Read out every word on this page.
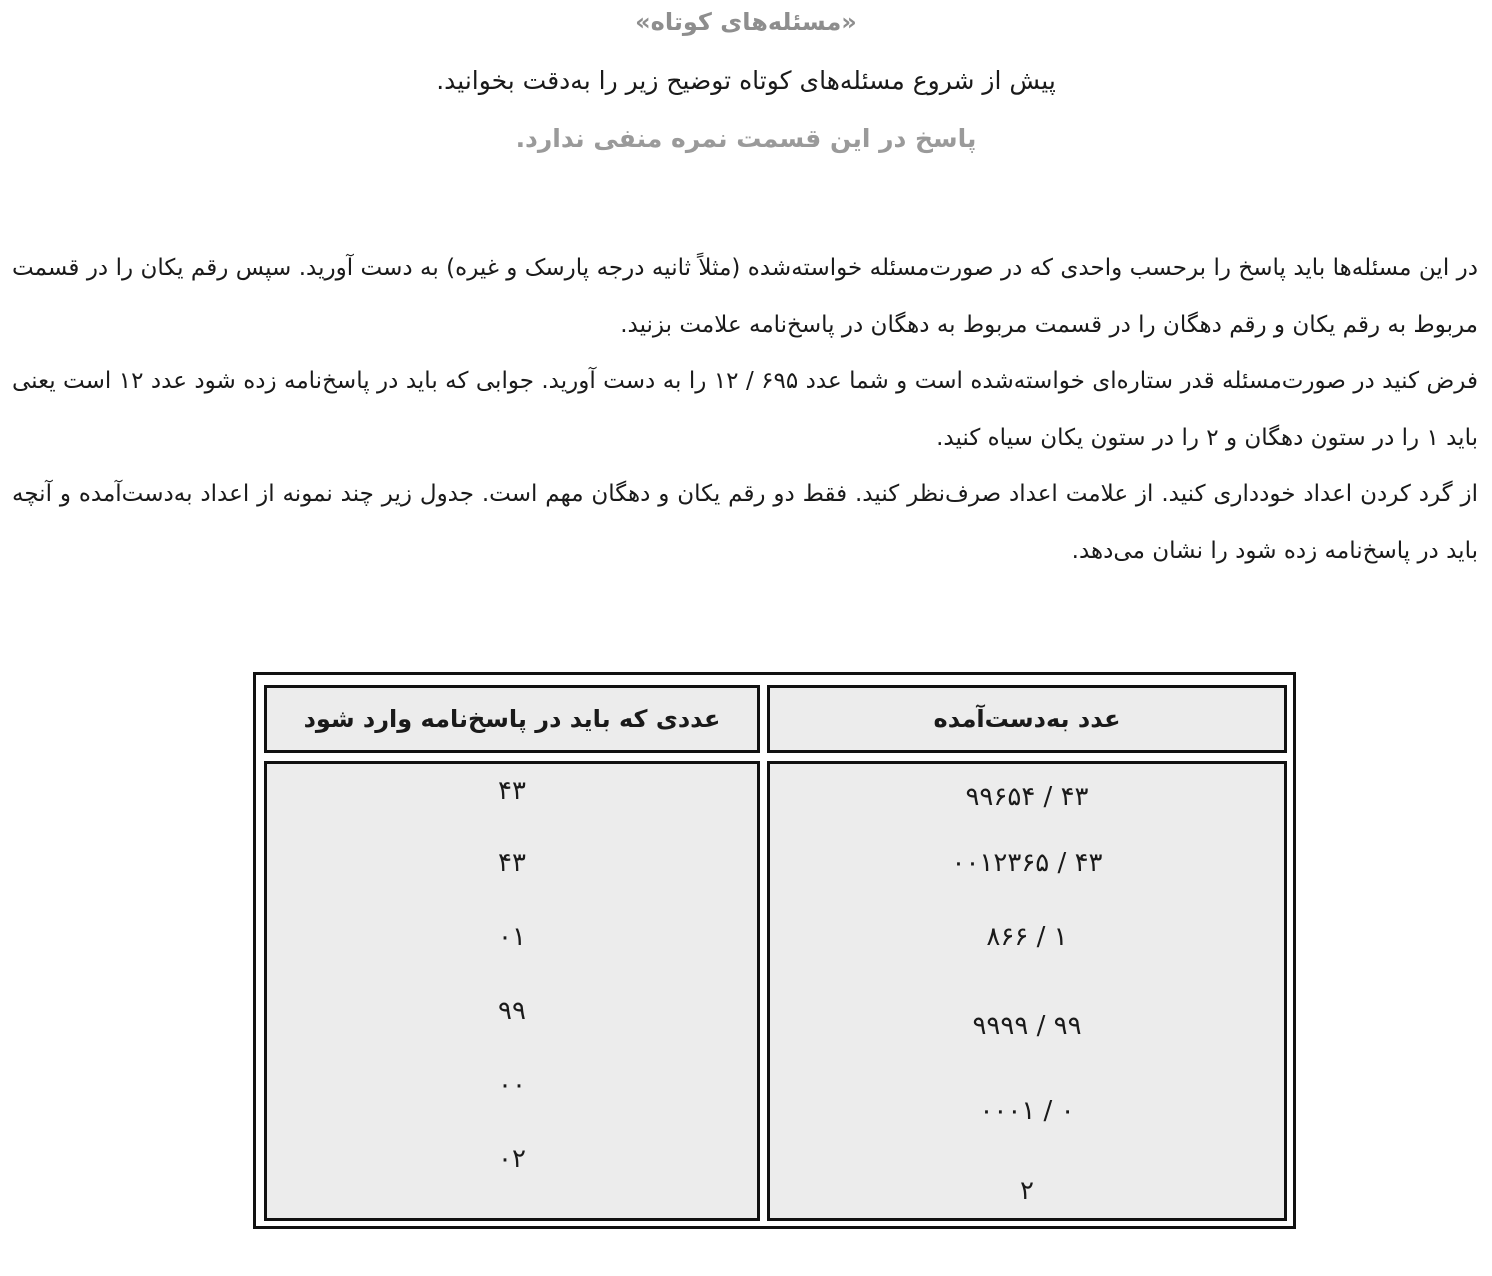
«مسئله‌های کوتاه»
پیش از شروع مسئله‌های کوتاه توضیح زیر را به‌دقت بخوانید.
پاسخ در این قسمت نمره منفی ندارد.

در این مسئله‌ها باید پاسخ را برحسب واحدی که در صورت‌مسئله خواسته‌شده (مثلاً ثانیه درجه پارسک و غیره) به دست آورید. سپس رقم یکان را در قسمت مربوط به رقم یکان و رقم دهگان را در قسمت مربوط به دهگان در پاسخ‌نامه علامت بزنید.

فرض کنید در صورت‌مسئله قدر ستاره‌ای خواسته‌شده است و شما عدد ۶۹۵ / ۱۲ را به دست آورید. جوابی که باید در پاسخ‌نامه زده شود عدد ۱۲ است یعنی باید ۱ را در ستون دهگان و ۲ را در ستون یکان سیاه کنید.

از گرد کردن اعداد خودداری کنید. از علامت اعداد صرف‌نظر کنید. فقط دو رقم یکان و دهگان مهم است. جدول زیر چند نمونه از اعداد به‌دست‌آمده و آنچه باید در پاسخ‌نامه زده شود را نشان می‌دهد.

عدد به‌دست‌آمده
عددی که باید در پاسخ‌نامه وارد شود
۴۳ / ۹۹۶۵۴
۴۳ / ۰۰۱۲۳۶۵
۱ / ۸۶۶
۹۹ / ۹۹۹۹
۰ / ۰۰۰۱
۲
۴۳
۴۳
۰۱
۹۹
۰۰
۰۲
